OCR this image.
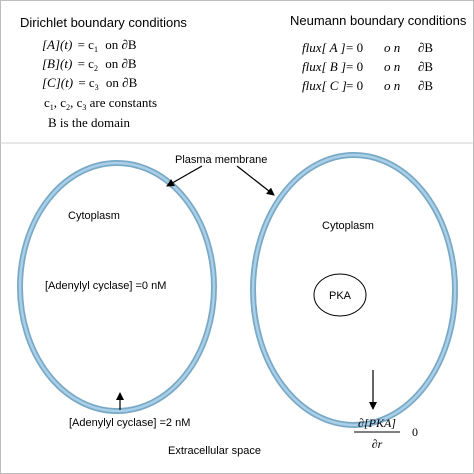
Dirichlet boundary conditions
$[A](t) = c_1$ on ∂B
$[B](t) = c_2$ on ∂B
$[C](t) = c_3$ on ∂B
$c_1$, $c_2$, $c_3$ are constants
B is the domain
Neumann boundary conditions
flux[ A ] = 0 o n ∂B
flux[ B ] = 0 o n ∂B
flux[ C ] = 0 o n ∂B
PKA
Plasma membrane
Cytoplasm
[Adenylyl cyclase] =0 nM
Cytoplasm
[Adenylyl cyclase] =2 nM
Extracellular space
∂[PKA]
∂r
0
